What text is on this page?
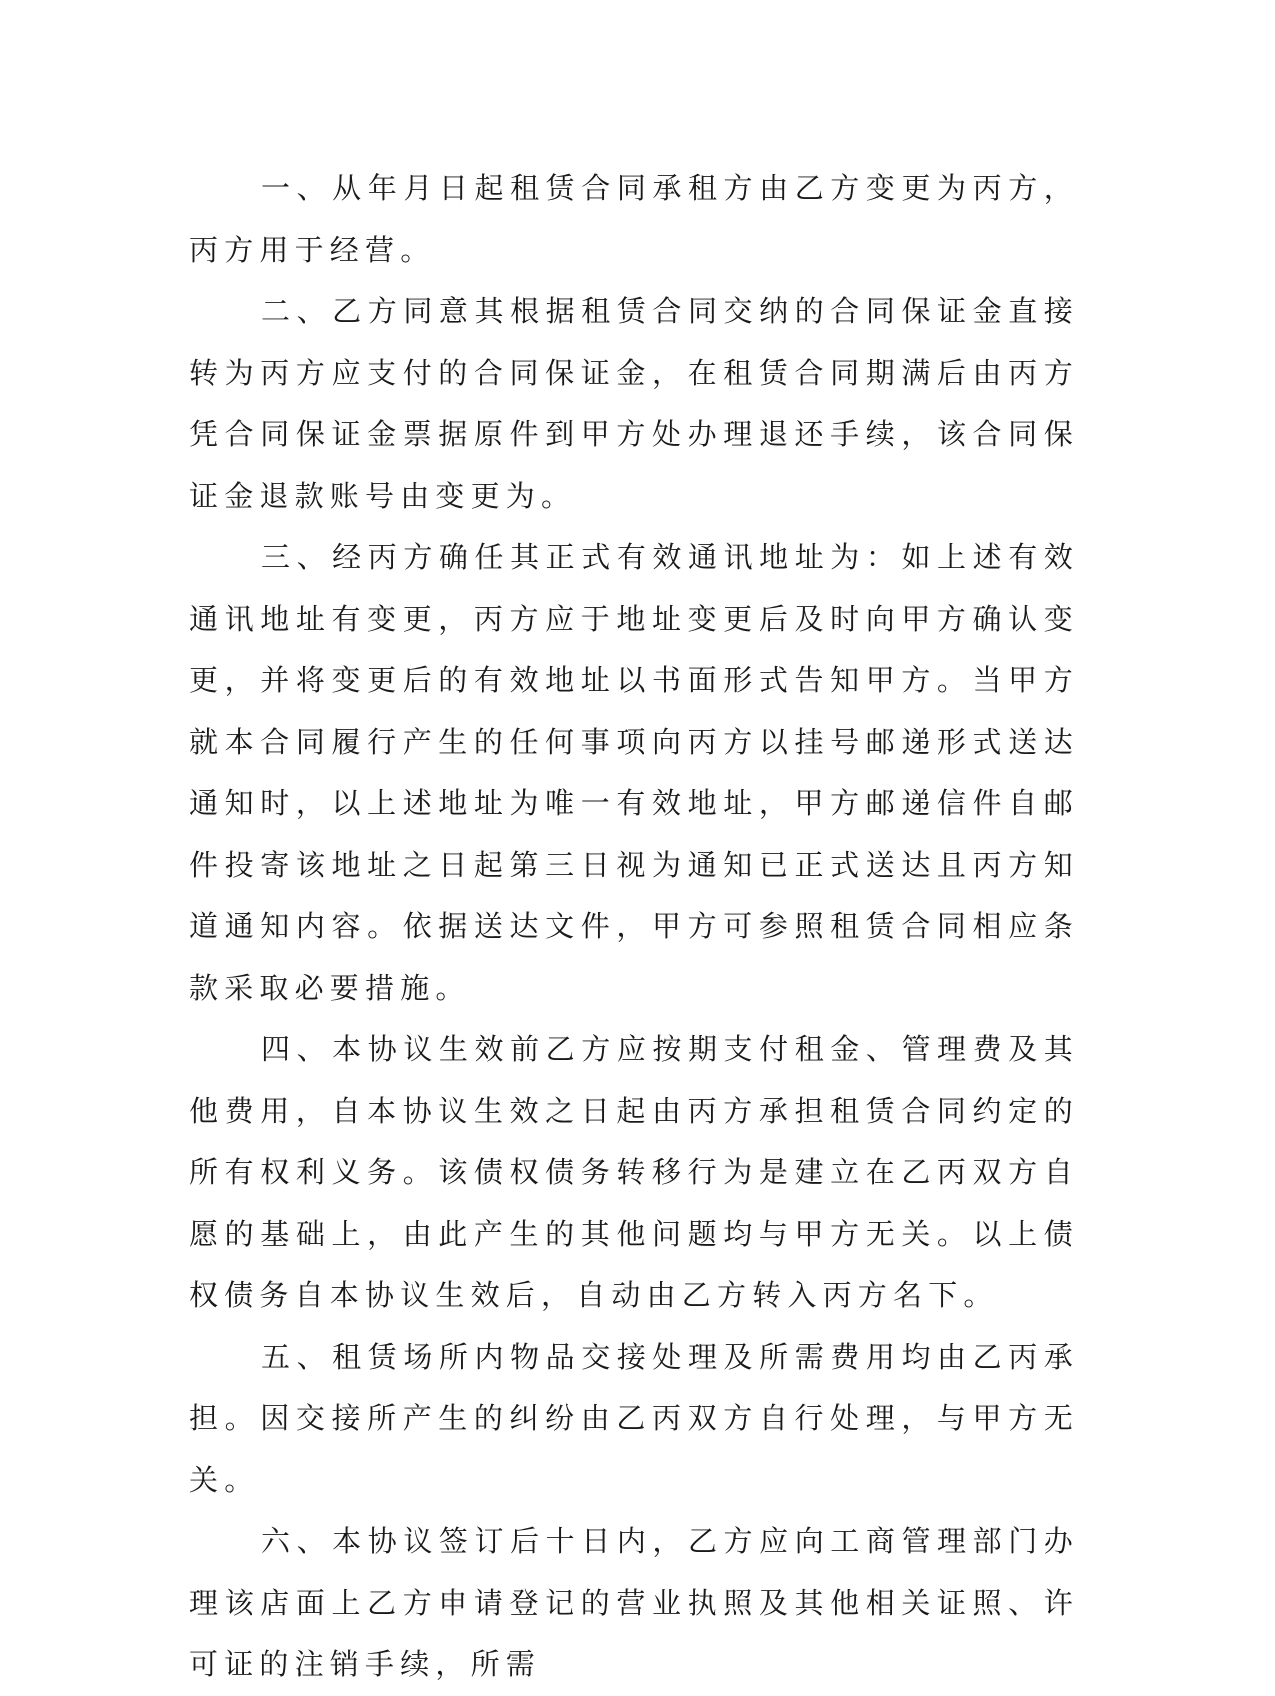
一、从年月日起租赁合同承租方由乙方变更为丙方，丙方用于经营。

二、乙方同意其根据租赁合同交纳的合同保证金直接转为丙方应支付的合同保证金，在租赁合同期满后由丙方凭合同保证金票据原件到甲方处办理退还手续，该合同保证金退款账号由变更为。

三、经丙方确任其正式有效通讯地址为：如上述有效通讯地址有变更，丙方应于地址变更后及时向甲方确认变更，并将变更后的有效地址以书面形式告知甲方。当甲方就本合同履行产生的任何事项向丙方以挂号邮递形式送达通知时，以上述地址为唯一有效地址，甲方邮递信件自邮件投寄该地址之日起第三日视为通知已正式送达且丙方知道通知内容。依据送达文件，甲方可参照租赁合同相应条款采取必要措施。

四、本协议生效前乙方应按期支付租金、管理费及其他费用，自本协议生效之日起由丙方承担租赁合同约定的所有权利义务。该债权债务转移行为是建立在乙丙双方自愿的基础上，由此产生的其他问题均与甲方无关。以上债权债务自本协议生效后，自动由乙方转入丙方名下。

五、租赁场所内物品交接处理及所需费用均由乙丙承担。因交接所产生的纠纷由乙丙双方自行处理，与甲方无关。

六、本协议签订后十日内，乙方应向工商管理部门办理该店面上乙方申请登记的营业执照及其他相关证照、许可证的注销手续，所需
